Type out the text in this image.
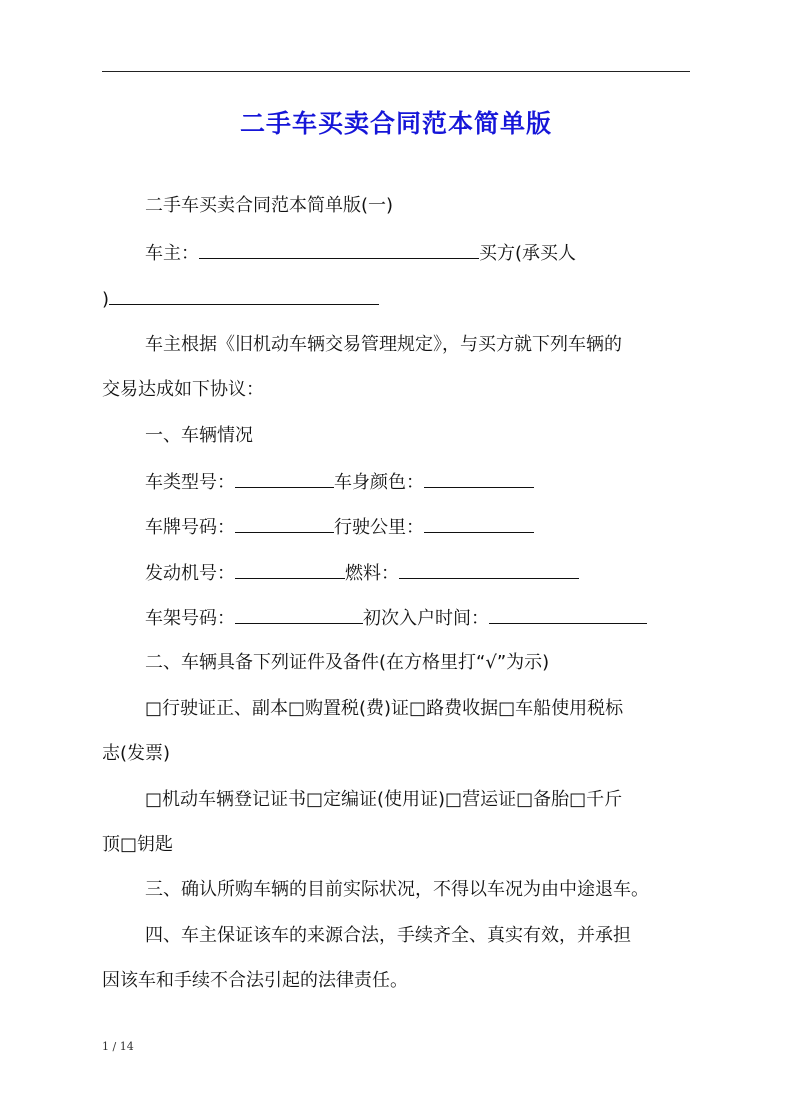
二手车买卖合同范本简单版
二手车买卖合同范本简单版(一)
车主：	买方(承买人
)
车主根据《旧机动车辆交易管理规定》，与买方就下列车辆的
交易达成如下协议：
一、车辆情况
车类型号：	车身颜色：
车牌号码：	行驶公里：
发动机号：	燃料：
车架号码：	初次入户时间：
二、车辆具备下列证件及备件(在方格里打“√”为示)
□行驶证正、副本□购置税(费)证□路费收据□车船使用税标
志(发票)
□机动车辆登记证书□定编证(使用证)□营运证□备胎□千斤
顶□钥匙
三、确认所购车辆的目前实际状况，不得以车况为由中途退车。
四、车主保证该车的来源合法，手续齐全、真实有效，并承担
因该车和手续不合法引起的法律责任。
1 / 14
